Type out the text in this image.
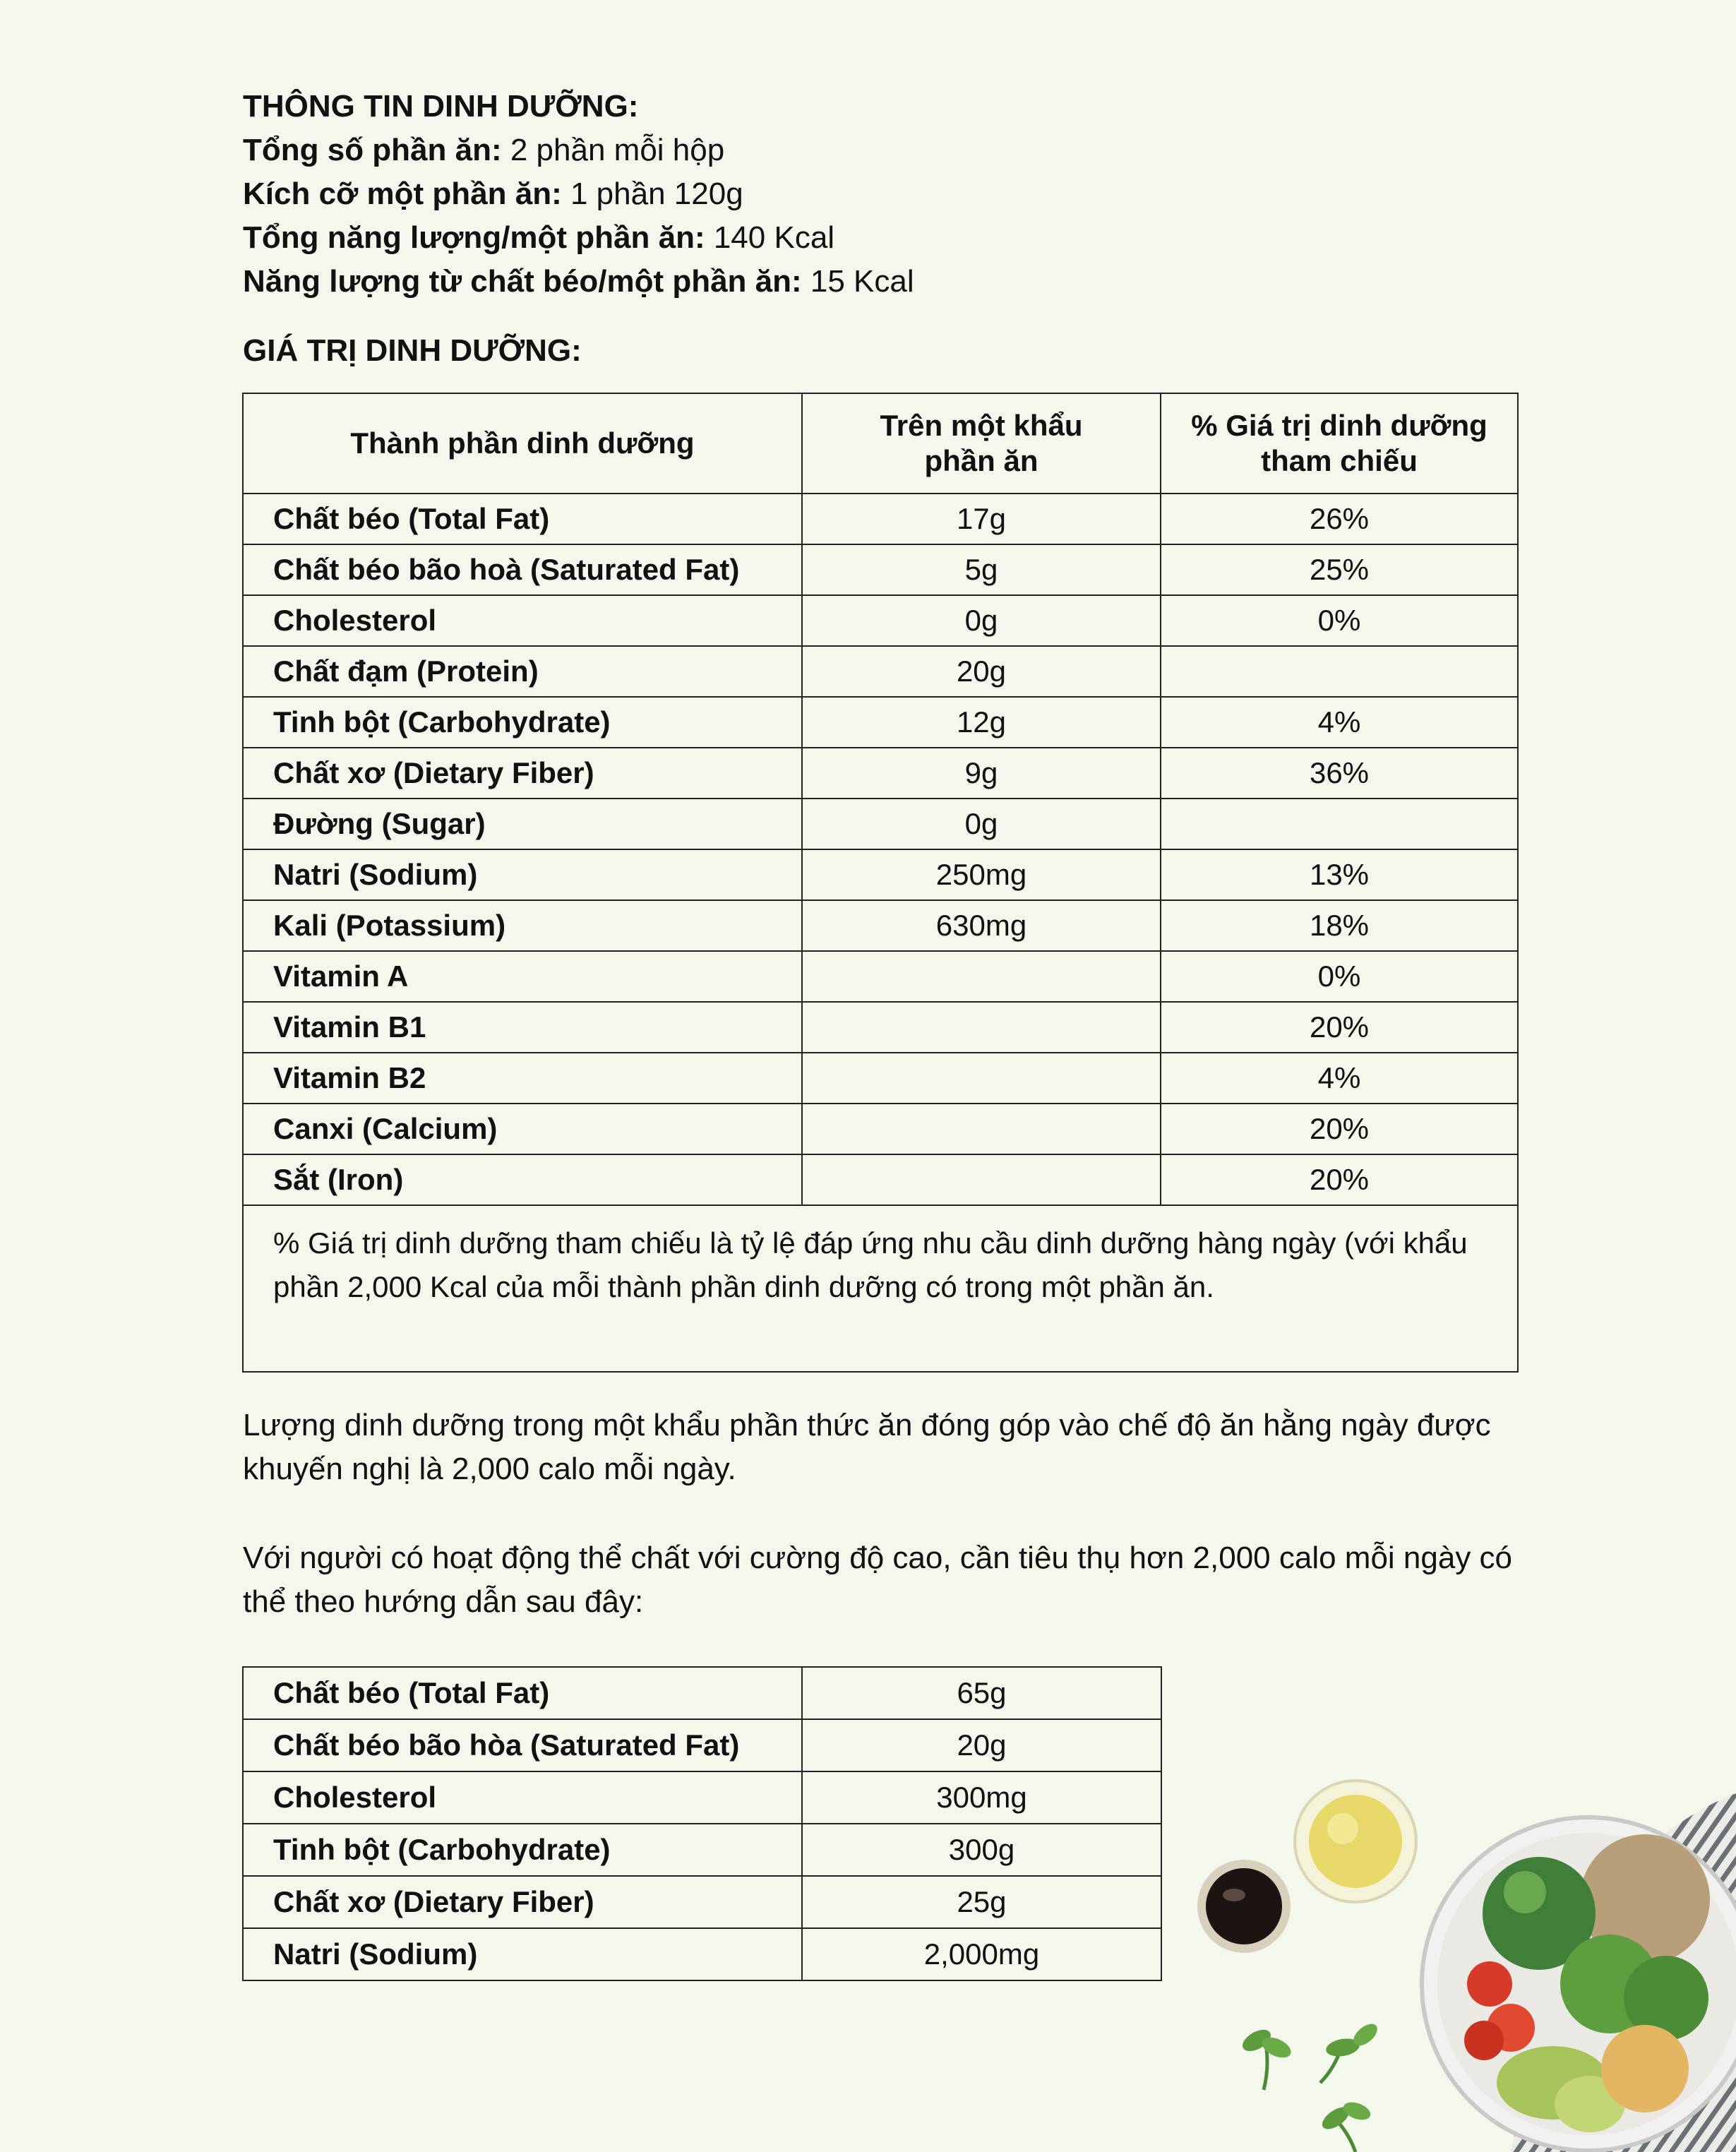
THÔNG TIN DINH DƯỠNG:
Tổng số phần ăn: 2 phần mỗi hộp
Kích cỡ một phần ăn: 1 phần 120g
Tổng năng lượng/một phần ăn: 140 Kcal
Năng lượng từ chất béo/một phần ăn: 15 Kcal
GIÁ TRỊ DINH DƯỠNG:
Thành phần dinh dưỡng	Trên một khẩu phần ăn	% Giá trị dinh dưỡng tham chiếu

Chất béo (Total Fat)	17g	26%
Chất béo bão hoà (Saturated Fat)	5g	25%
Cholesterol	0g	0%
Chất đạm (Protein)	20g	
Tinh bột (Carbohydrate)	12g	4%
Chất xơ (Dietary Fiber)	9g	36%
Đường (Sugar)	0g	
Natri (Sodium)	250mg	13%
Kali (Potassium)	630mg	18%
Vitamin A		0%
Vitamin B1		20%
Vitamin B2		4%
Canxi (Calcium)		20%
Sắt (Iron)		20%
% Giá trị dinh dưỡng tham chiếu là tỷ lệ đáp ứng nhu cầu dinh dưỡng hàng ngày (với khẩu phần 2,000 Kcal của mỗi thành phần dinh dưỡng có trong một phần ăn.		
Lượng dinh dưỡng trong một khẩu phần thức ăn đóng góp vào chế độ ăn hằng ngày được khuyến nghị là 2,000 calo mỗi ngày.
Với người có hoạt động thể chất với cường độ cao, cần tiêu thụ hơn 2,000 calo mỗi ngày có thể theo hướng dẫn sau đây:
Chất béo (Total Fat)	65g
Chất béo bão hòa (Saturated Fat)	20g
Cholesterol	300mg
Tinh bột (Carbohydrate)	300g
Chất xơ (Dietary Fiber)	25g
Natri (Sodium)	2,000mg
